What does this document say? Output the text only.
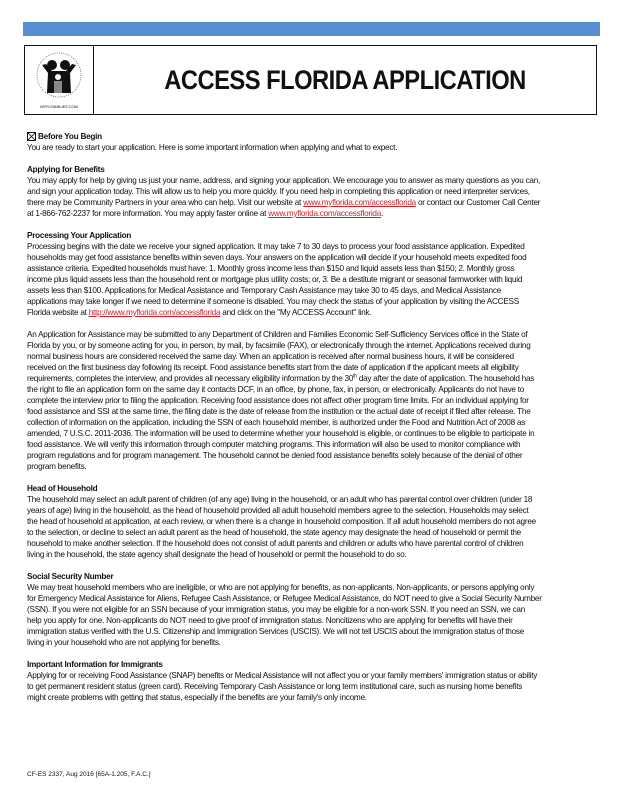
MYFLFAMILIES.COM
ACCESS FLORIDA APPLICATION
Before You Begin
You are ready to start your application. Here is some important information when applying and what to expect.
Applying for Benefits
You may apply for help by giving us just your name, address, and signing your application. We encourage you to answer as many questions as you can,
and sign your application today. This will allow us to help you more quickly. If you need help in completing this application or need interpreter services,
there may be Community Partners in your area who can help. Visit our website at www.myflorida.com/accessflorida or contact our Customer Call Center
at 1-866-762-2237 for more information. You may apply faster online at www.myflorida.com/accessflorida.
Processing Your Application
Processing begins with the date we receive your signed application. It may take 7 to 30 days to process your food assistance application. Expedited
households may get food assistance benefits within seven days. Your answers on the application will decide if your household meets expedited food
assistance criteria. Expedited households must have: 1. Monthly gross income less than $150 and liquid assets less than $150; 2. Monthly gross
income plus liquid assets less than the household rent or mortgage plus utility costs; or, 3. Be a destitute migrant or seasonal farmworker with liquid
assets less than $100. Applications for Medical Assistance and Temporary Cash Assistance may take 30 to 45 days, and Medical Assistance
applications may take longer if we need to determine if someone is disabled. You may check the status of your application by visiting the ACCESS
Florida website at http://www.myflorida.com/accessflorida and click on the "My ACCESS Account" link.
An Application for Assistance may be submitted to any Department of Children and Families Economic Self-Sufficiency Services office in the State of
Florida by you, or by someone acting for you, in person, by mail, by facsimile (FAX), or electronically through the internet. Applications received during
normal business hours are considered received the same day. When an application is received after normal business hours, it will be considered
received on the first business day following its receipt. Food assistance benefits start from the date of application if the applicant meets all eligibility
requirements, completes the interview, and provides all necessary eligibility information by the 30th day after the date of application. The household has
the right to file an application form on the same day it contacts DCF, in an office, by phone, fax, in person, or electronically. Applicants do not have to
complete the interview prior to filing the application. Receiving food assistance does not affect other program time limits. For an individual applying for
food assistance and SSI at the same time, the filing date is the date of release from the institution or the actual date of receipt if filed after release. The
collection of information on the application, including the SSN of each household member, is authorized under the Food and Nutrition Act of 2008 as
amended, 7 U.S.C. 2011-2036. The information will be used to determine whether your household is eligible, or continues to be eligible to participate in
food assistance. We will verify this information through computer matching programs. This information will also be used to monitor compliance with
program regulations and for program management. The household cannot be denied food assistance benefits solely because of the denial of other
program benefits.
Head of Household
The household may select an adult parent of children (of any age) living in the household, or an adult who has parental control over children (under 18
years of age) living in the household, as the head of household provided all adult household members agree to the selection. Households may select
the head of household at application, at each review, or when there is a change in household composition. If all adult household members do not agree
to the selection, or decline to select an adult parent as the head of household, the state agency may designate the head of household or permit the
household to make another selection. If the household does not consist of adult parents and children or adults who have parental control of children
living in the household, the state agency shall designate the head of household or permit the household to do so.
Social Security Number
We may treat household members who are ineligible, or who are not applying for benefits, as non-applicants. Non-applicants, or persons applying only
for Emergency Medical Assistance for Aliens, Refugee Cash Assistance, or Refugee Medical Assistance, do NOT need to give a Social Security Number
(SSN). If you were not eligible for an SSN because of your immigration status, you may be eligible for a non-work SSN. If you need an SSN, we can
help you apply for one. Non-applicants do NOT need to give proof of immigration status. Noncitizens who are applying for benefits will have their
immigration status verified with the U.S. Citizenship and Immigration Services (USCIS). We will not tell USCIS about the immigration status of those
living in your household who are not applying for benefits.
Important Information for Immigrants
Applying for or receiving Food Assistance (SNAP) benefits or Medical Assistance will not affect you or your family members' immigration status or ability
to get permanent resident status (green card). Receiving Temporary Cash Assistance or long term institutional care, such as nursing home benefits
might create problems with getting that status, especially if the benefits are your family's only income.
CF-ES 2337, Aug 2016 [65A-1.205, F.A.C.]
